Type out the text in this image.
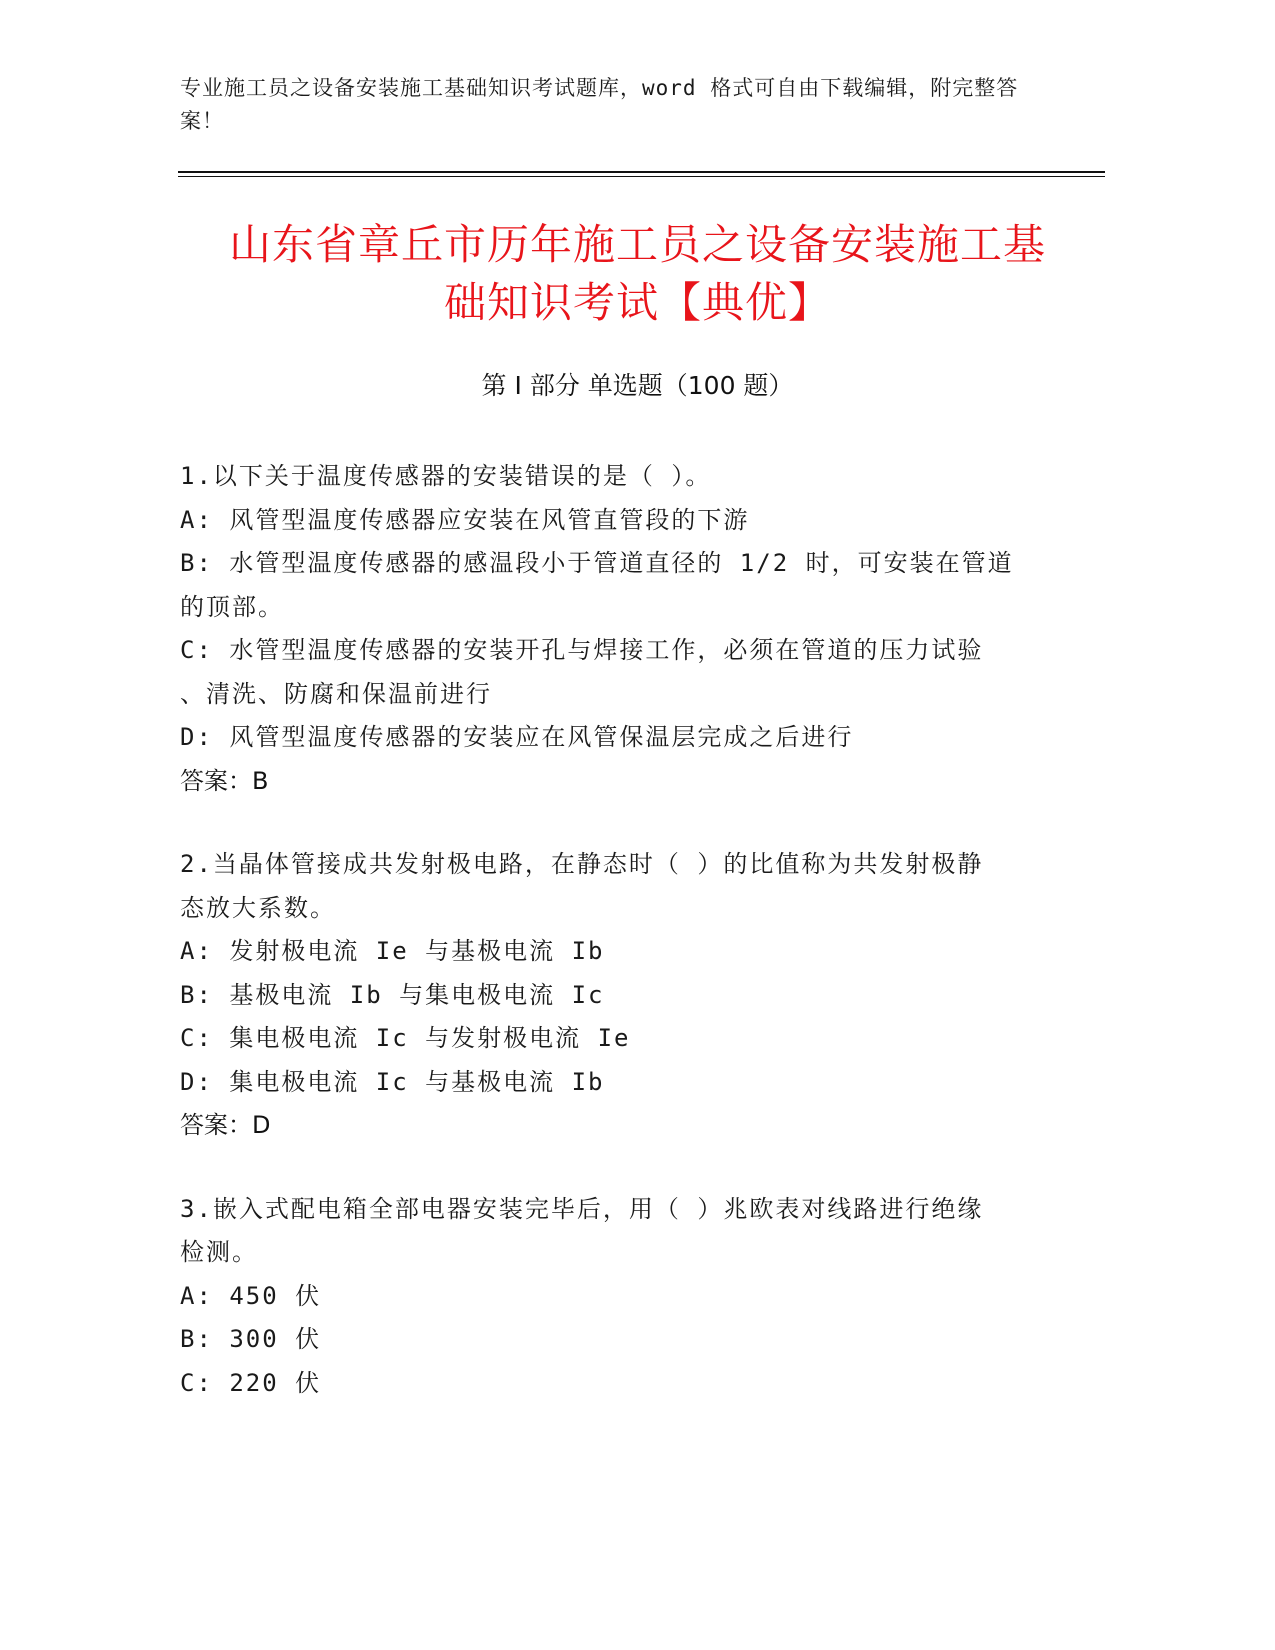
专业施工员之设备安装施工基础知识考试题库，word 格式可自由下载编辑，附完整答案！
山东省章丘市历年施工员之设备安装施工基
础知识考试【典优】
第 I 部分 单选题（100 题）

1.以下关于温度传感器的安装错误的是（ ）。

A: 风管型温度传感器应安装在风管直管段的下游

B: 水管型温度传感器的感温段小于管道直径的 1/2 时，可安装在管道

的顶部。

C: 水管型温度传感器的安装开孔与焊接工作，必须在管道的压力试验

、清洗、防腐和保温前进行

D: 风管型温度传感器的安装应在风管保温层完成之后进行

答案：B

2.当晶体管接成共发射极电路，在静态时（ ）的比值称为共发射极静

态放大系数。

A: 发射极电流 Ie 与基极电流 Ib

B: 基极电流 Ib 与集电极电流 Ic

C: 集电极电流 Ic 与发射极电流 Ie

D: 集电极电流 Ic 与基极电流 Ib

答案：D

3.嵌入式配电箱全部电器安装完毕后，用（ ）兆欧表对线路进行绝缘

检测。

A: 450 伏

B: 300 伏

C: 220 伏
